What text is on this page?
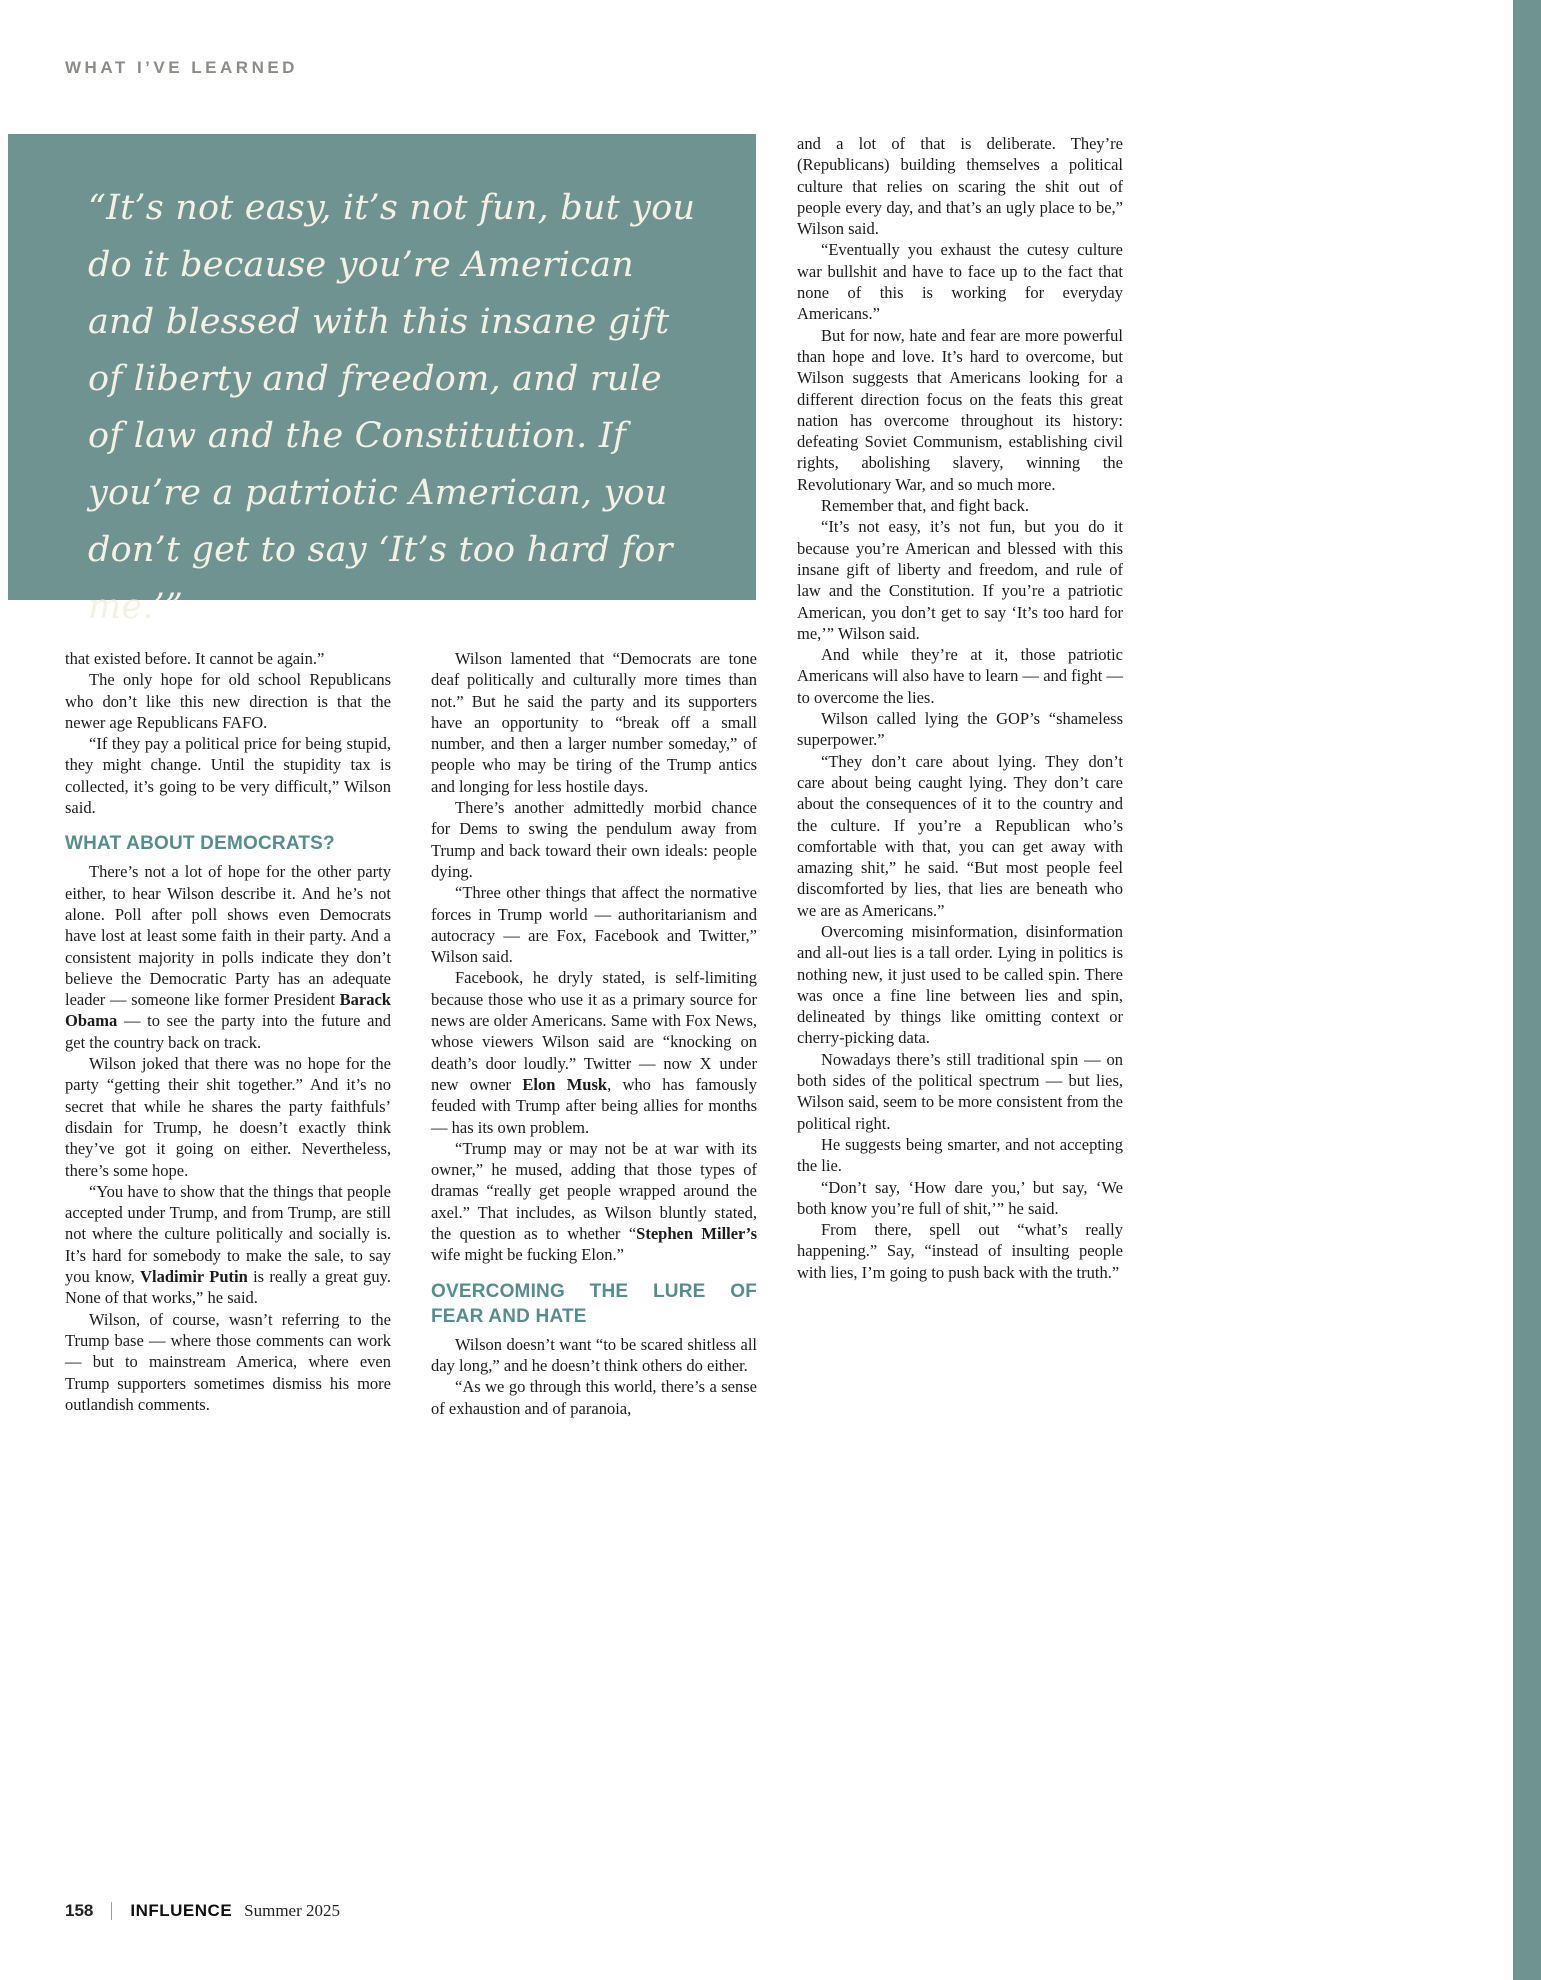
WHAT I’VE LEARNED
“It’s not easy, it’s not fun, but you do it because you’re American and blessed with this insane gift of liberty and freedom, and rule of law and the Constitution. If you’re a patriotic American, you don’t get to say ‘It’s too hard for me.’”

that existed before. It cannot be again.”

The only hope for old school Republicans who don’t like this new direction is that the newer age Republicans FAFO.

“If they pay a political price for being stupid, they might change. Until the stupidity tax is collected, it’s going to be very difficult,” Wilson said.

WHAT ABOUT DEMOCRATS?

There’s not a lot of hope for the other party either, to hear Wilson describe it. And he’s not alone. Poll after poll shows even Democrats have lost at least some faith in their party. And a consistent majority in polls indicate they don’t believe the Democratic Party has an adequate leader — someone like former President Barack Obama — to see the party into the future and get the country back on track.

Wilson joked that there was no hope for the party “getting their shit together.” And it’s no secret that while he shares the party faithfuls’ disdain for Trump, he doesn’t exactly think they’ve got it going on either. Nevertheless, there’s some hope.

“You have to show that the things that people accepted under Trump, and from Trump, are still not where the culture politically and socially is. It’s hard for somebody to make the sale, to say you know, Vladimir Putin is really a great guy. None of that works,” he said.

Wilson, of course, wasn’t referring to the Trump base — where those comments can work — but to mainstream America, where even Trump supporters sometimes dismiss his more outlandish comments.

Wilson lamented that “Democrats are tone deaf politically and culturally more times than not.” But he said the party and its supporters have an opportunity to “break off a small number, and then a larger number someday,” of people who may be tiring of the Trump antics and longing for less hostile days.

There’s another admittedly morbid chance for Dems to swing the pendulum away from Trump and back toward their own ideals: people dying.

“Three other things that affect the normative forces in Trump world — authoritarianism and autocracy — are Fox, Facebook and Twitter,” Wilson said.

Facebook, he dryly stated, is self-limiting because those who use it as a primary source for news are older Americans. Same with Fox News, whose viewers Wilson said are “knocking on death’s door loudly.” Twitter — now X under new owner Elon Musk, who has famously feuded with Trump after being allies for months — has its own problem.

“Trump may or may not be at war with its owner,” he mused, adding that those types of dramas “really get people wrapped around the axel.” That includes, as Wilson bluntly stated, the question as to whether “Stephen Miller’s wife might be fucking Elon.”

OVERCOMING THE LURE OF FEAR AND HATE

Wilson doesn’t want “to be scared shitless all day long,” and he doesn’t think others do either.

“As we go through this world, there’s a sense of exhaustion and of paranoia,

and a lot of that is deliberate. They’re (Republicans) building themselves a political culture that relies on scaring the shit out of people every day, and that’s an ugly place to be,” Wilson said.

“Eventually you exhaust the cutesy culture war bullshit and have to face up to the fact that none of this is working for everyday Americans.”

But for now, hate and fear are more powerful than hope and love. It’s hard to overcome, but Wilson suggests that Americans looking for a different direction focus on the feats this great nation has overcome throughout its history: defeating Soviet Communism, establishing civil rights, abolishing slavery, winning the Revolutionary War, and so much more.

Remember that, and fight back.

“It’s not easy, it’s not fun, but you do it because you’re American and blessed with this insane gift of liberty and freedom, and rule of law and the Constitution. If you’re a patriotic American, you don’t get to say ‘It’s too hard for me,’” Wilson said.

And while they’re at it, those patriotic Americans will also have to learn — and fight — to overcome the lies.

Wilson called lying the GOP’s “shameless superpower.”

“They don’t care about lying. They don’t care about being caught lying. They don’t care about the consequences of it to the country and the culture. If you’re a Republican who’s comfortable with that, you can get away with amazing shit,” he said. “But most people feel discomforted by lies, that lies are beneath who we are as Americans.”

Overcoming misinformation, disinformation and all-out lies is a tall order. Lying in politics is nothing new, it just used to be called spin. There was once a fine line between lies and spin, delineated by things like omitting context or cherry-picking data.

Nowadays there’s still traditional spin — on both sides of the political spectrum — but lies, Wilson said, seem to be more consistent from the political right.

He suggests being smarter, and not accepting the lie.

“Don’t say, ‘How dare you,’ but say, ‘We both know you’re full of shit,’” he said.

From there, spell out “what’s really happening.” Say, “instead of insulting people with lies, I’m going to push back with the truth.”

158 INFLUENCE Summer 2025
